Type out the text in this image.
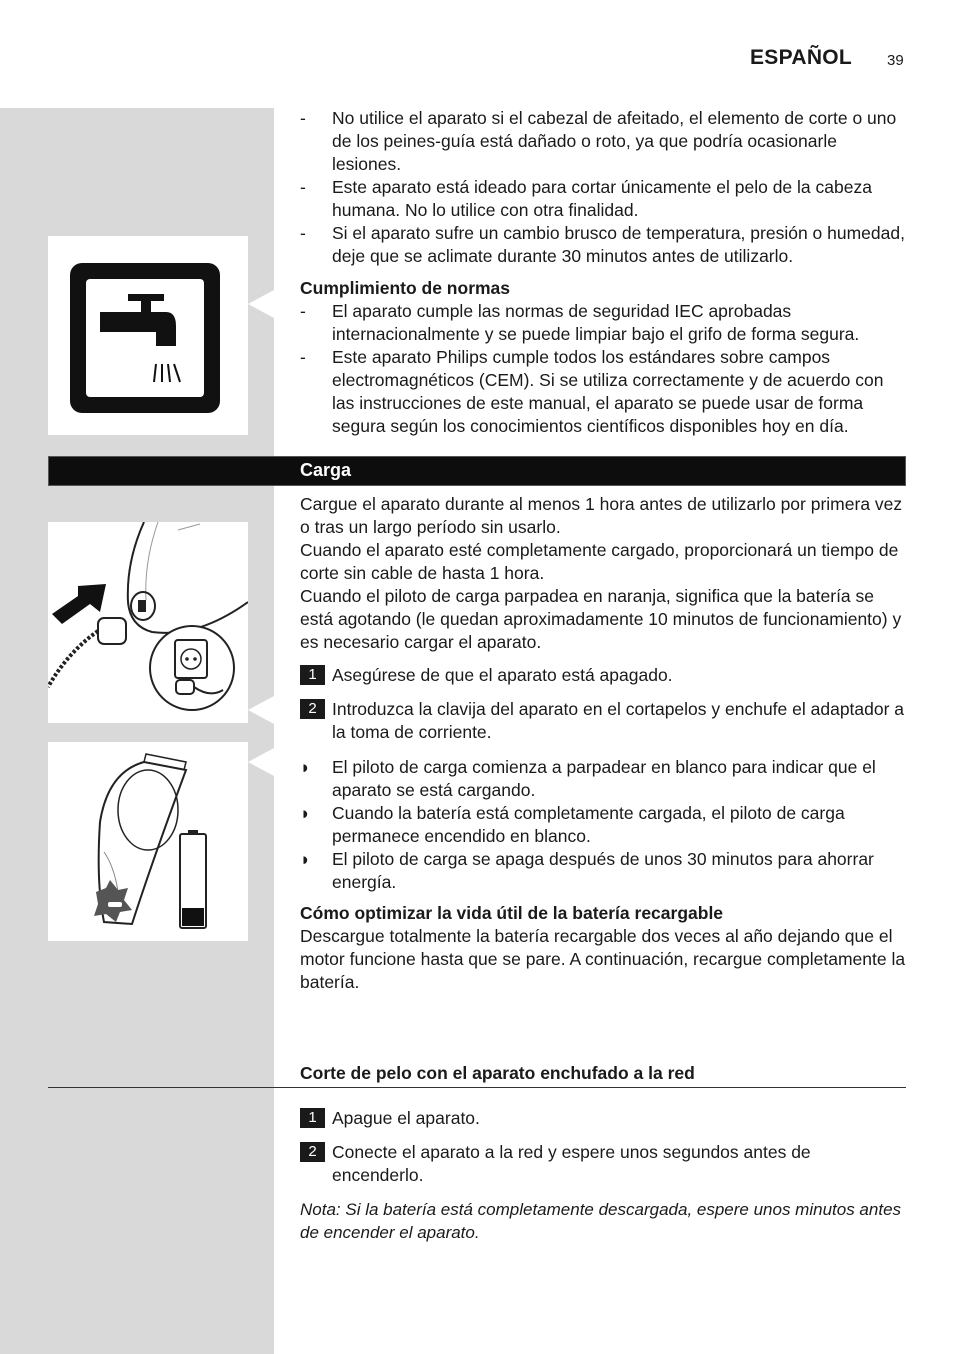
ESPAÑOL 39
- No utilice el aparato si el cabezal de afeitado, el elemento de corte o uno de los peines-guía está dañado o roto, ya que podría ocasionarle lesiones.
- Este aparato está ideado para cortar únicamente el pelo de la cabeza humana. No lo utilice con otra finalidad.
- Si el aparato sufre un cambio brusco de temperatura, presión o humedad, deje que se aclimate durante 30 minutos antes de utilizarlo.
Cumplimiento de normas
- El aparato cumple las normas de seguridad IEC aprobadas internacionalmente y se puede limpiar bajo el grifo de forma segura.
- Este aparato Philips cumple todos los estándares sobre campos electromagnéticos (CEM). Si se utiliza correctamente y de acuerdo con las instrucciones de este manual, el aparato se puede usar de forma segura según los conocimientos científicos disponibles hoy en día.
Carga

Cargue el aparato durante al menos 1 hora antes de utilizarlo por primera vez o tras un largo período sin usarlo.

Cuando el aparato esté completamente cargado, proporcionará un tiempo de corte sin cable de hasta 1 hora.

Cuando el piloto de carga parpadea en naranja, significa que la batería se está agotando (le quedan aproximadamente 10 minutos de funcionamiento) y es necesario cargar el aparato.

1 Asegúrese de que el aparato está apagado.
2 Introduzca la clavija del aparato en el cortapelos y enchufe el adaptador a la toma de corriente.
◗ El piloto de carga comienza a parpadear en blanco para indicar que el aparato se está cargando.
◗ Cuando la batería está completamente cargada, el piloto de carga permanece encendido en blanco.
◗ El piloto de carga se apaga después de unos 30 minutos para ahorrar energía.
Cómo optimizar la vida útil de la batería recargable

Descargue totalmente la batería recargable dos veces al año dejando que el motor funcione hasta que se pare. A continuación, recargue completamente la batería.

Corte de pelo con el aparato enchufado a la red
1 Apague el aparato.
2 Conecte el aparato a la red y espere unos segundos antes de encenderlo.
Nota: Si la batería está completamente descargada, espere unos minutos antes de encender el aparato.
